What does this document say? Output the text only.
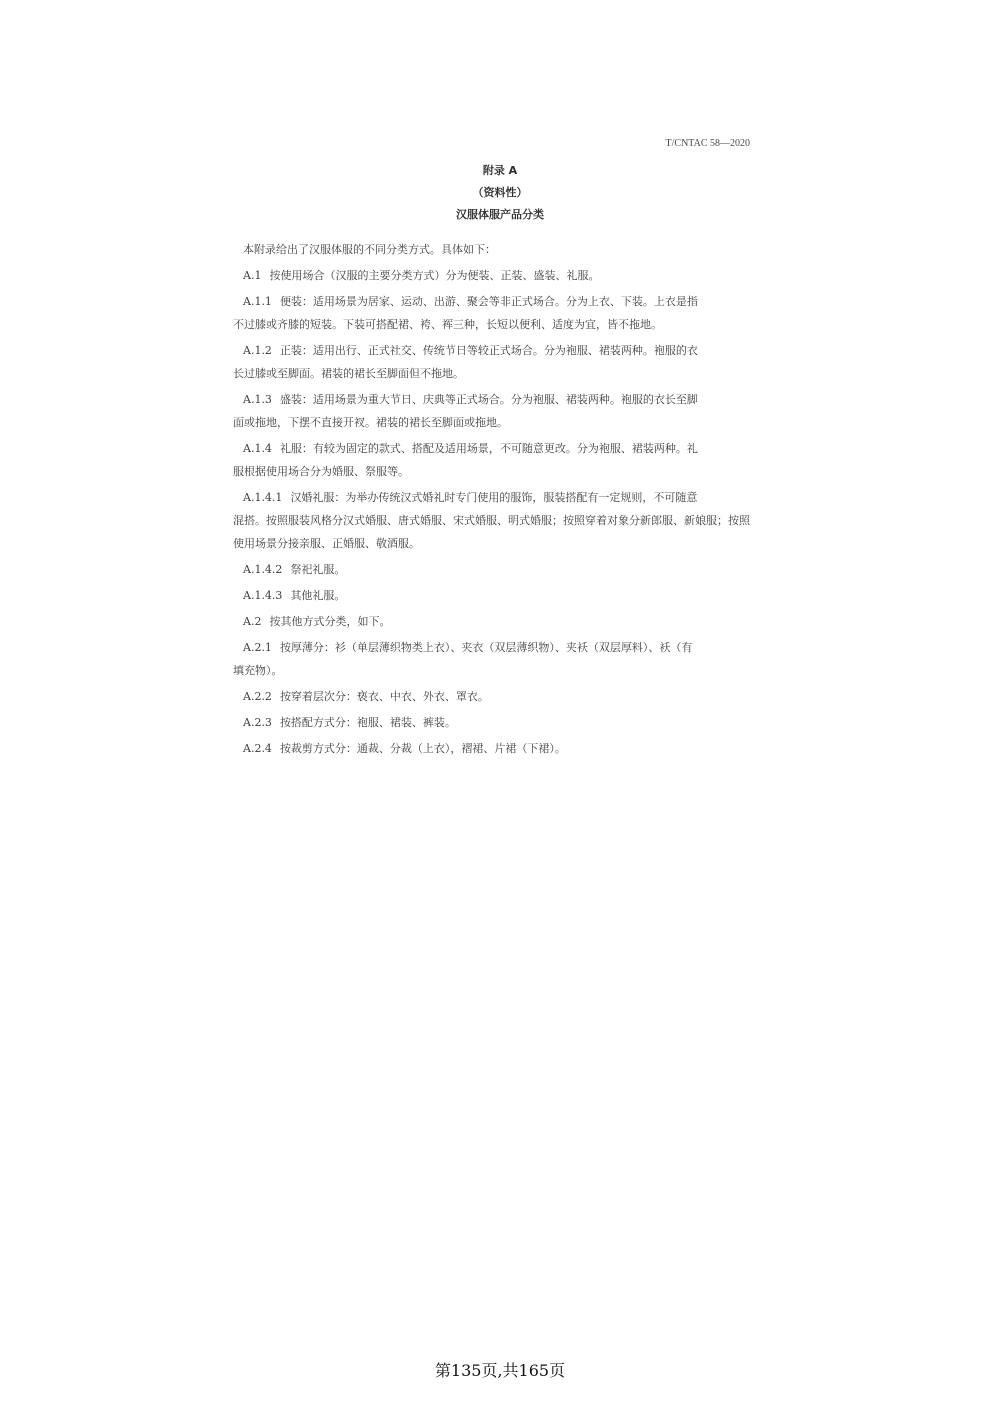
T/CNTAC 58—2020
附录 A
（资料性）
汉服体服产品分类
本附录给出了汉服体服的不同分类方式。具体如下：
A.1 按使用场合（汉服的主要分类方式）分为便装、正装、盛装、礼服。
A.1.1 便装：适用场景为居家、运动、出游、聚会等非正式场合。分为上衣、下装。上衣是指
不过膝或齐膝的短装。下装可搭配裙、袴、裈三种，长短以便利、适度为宜，皆不拖地。
A.1.2 正装：适用出行、正式社交、传统节日等较正式场合。分为袍服、裙装两种。袍服的衣
长过膝或至脚面。裙装的裙长至脚面但不拖地。
A.1.3 盛装：适用场景为重大节日、庆典等正式场合。分为袍服、裙装两种。袍服的衣长至脚
面或拖地，下摆不直接开衩。裙装的裙长至脚面或拖地。
A.1.4 礼服：有较为固定的款式、搭配及适用场景，不可随意更改。分为袍服、裙装两种。礼
服根据使用场合分为婚服、祭服等。
A.1.4.1 汉婚礼服：为举办传统汉式婚礼时专门使用的服饰，服装搭配有一定规则，不可随意
混搭。按照服装风格分汉式婚服、唐式婚服、宋式婚服、明式婚服；按照穿着对象分新郎服、新娘服；按照使用场景分接亲服、正婚服、敬酒服。
A.1.4.2 祭祀礼服。
A.1.4.3 其他礼服。
A.2 按其他方式分类，如下。
A.2.1 按厚薄分：衫（单层薄织物类上衣）、夹衣（双层薄织物）、夹袄（双层厚料）、袄（有
填充物）。
A.2.2 按穿着层次分：亵衣、中衣、外衣、罩衣。
A.2.3 按搭配方式分：袍服、裙装、裤装。
A.2.4 按裁剪方式分：通裁、分裁（上衣），褶裙、片裙（下裙）。
第135页,共165页
